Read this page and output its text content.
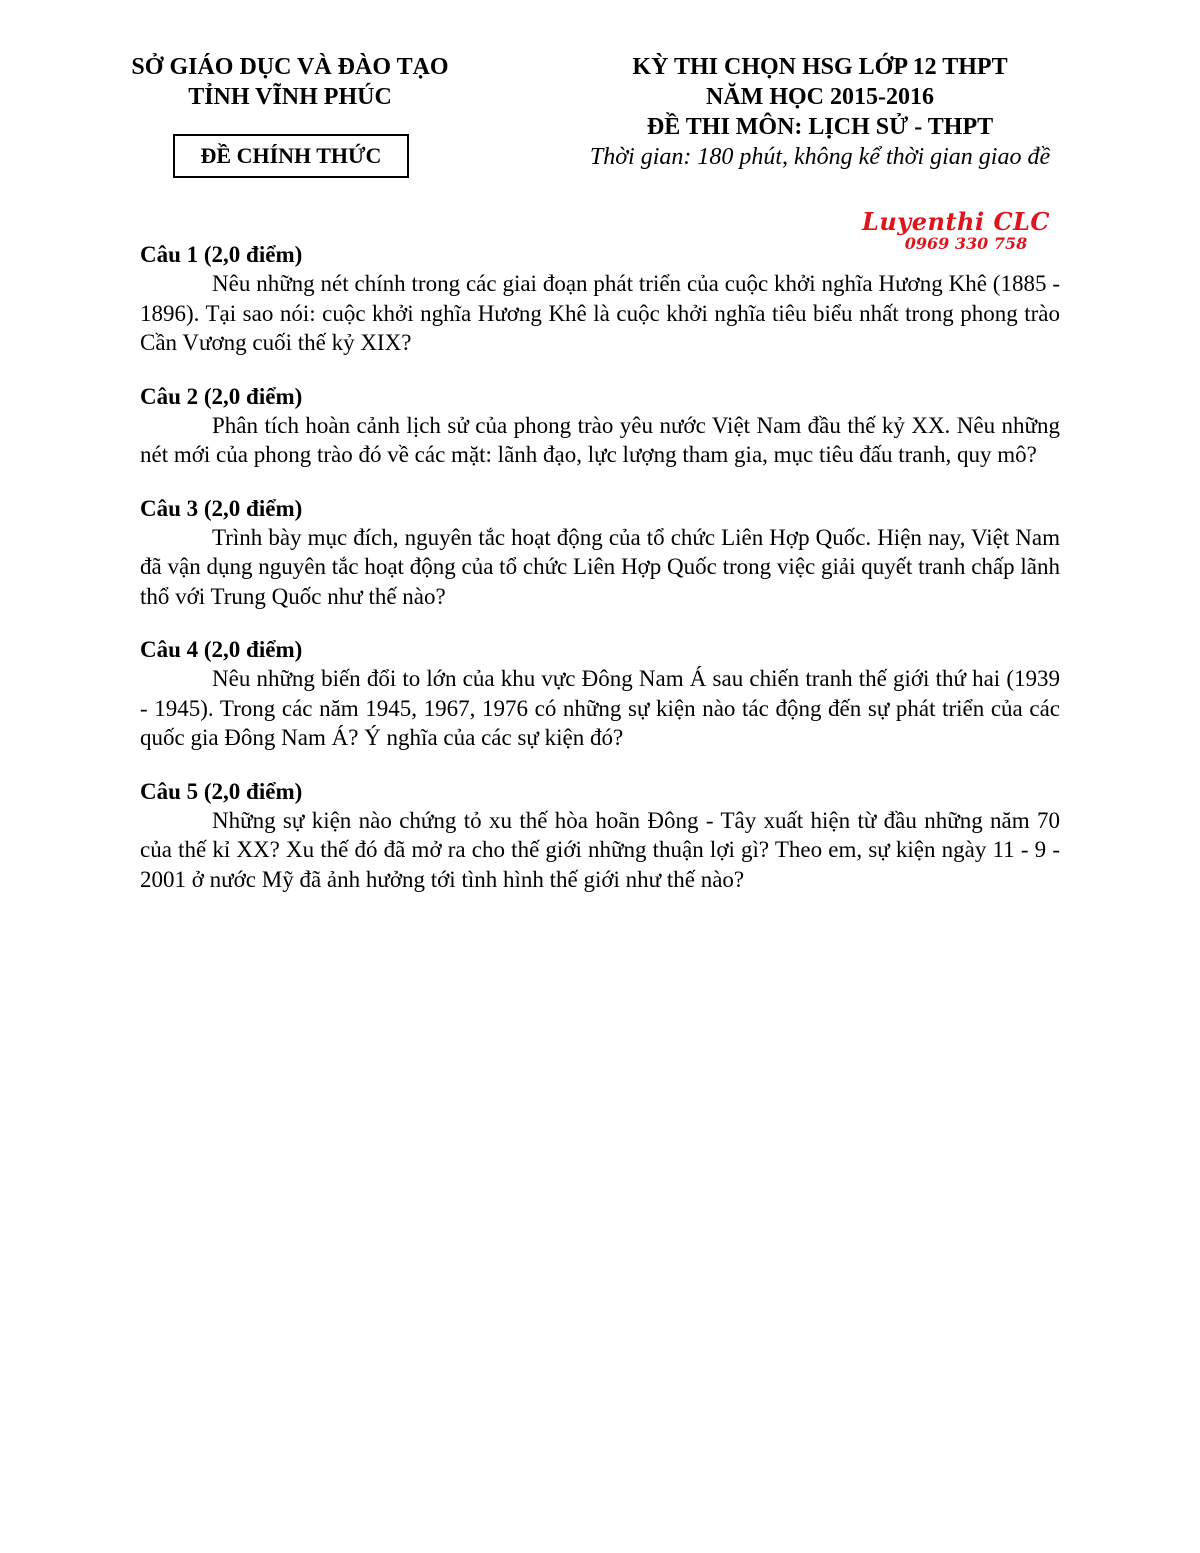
SỞ GIÁO DỤC VÀ ĐÀO TẠO
TỈNH VĨNH PHÚC
ĐỀ CHÍNH THỨC
KỲ THI CHỌN HSG LỚP 12 THPT
NĂM HỌC 2015-2016
ĐỀ THI MÔN: LỊCH SỬ - THPT
Thời gian: 180 phút, không kể thời gian giao đề
Luyenthi CLC
0969 330 758
Câu 1 (2,0 điểm)

Nêu những nét chính trong các giai đoạn phát triển của cuộc khởi nghĩa Hương Khê (1885 - 1896). Tại sao nói: cuộc khởi nghĩa Hương Khê là cuộc khởi nghĩa tiêu biểu nhất trong phong trào Cần Vương cuối thế kỷ XIX?

Câu 2 (2,0 điểm)

Phân tích hoàn cảnh lịch sử của phong trào yêu nước Việt Nam đầu thế kỷ XX. Nêu những nét mới của phong trào đó về các mặt: lãnh đạo, lực lượng tham gia, mục tiêu đấu tranh, quy mô?

Câu 3 (2,0 điểm)

Trình bày mục đích, nguyên tắc hoạt động của tổ chức Liên Hợp Quốc. Hiện nay, Việt Nam đã vận dụng nguyên tắc hoạt động của tổ chức Liên Hợp Quốc trong việc giải quyết tranh chấp lãnh thổ với Trung Quốc như thế nào?

Câu 4 (2,0 điểm)

Nêu những biến đổi to lớn của khu vực Đông Nam Á sau chiến tranh thế giới thứ hai (1939 - 1945). Trong các năm 1945, 1967, 1976 có những sự kiện nào tác động đến sự phát triển của các quốc gia Đông Nam Á? Ý nghĩa của các sự kiện đó?

Câu 5 (2,0 điểm)

Những sự kiện nào chứng tỏ xu thế hòa hoãn Đông - Tây xuất hiện từ đầu những năm 70 của thế kỉ XX? Xu thế đó đã mở ra cho thế giới những thuận lợi gì? Theo em, sự kiện ngày 11 - 9 - 2001 ở nước Mỹ đã ảnh hưởng tới tình hình thế giới như thế nào?
